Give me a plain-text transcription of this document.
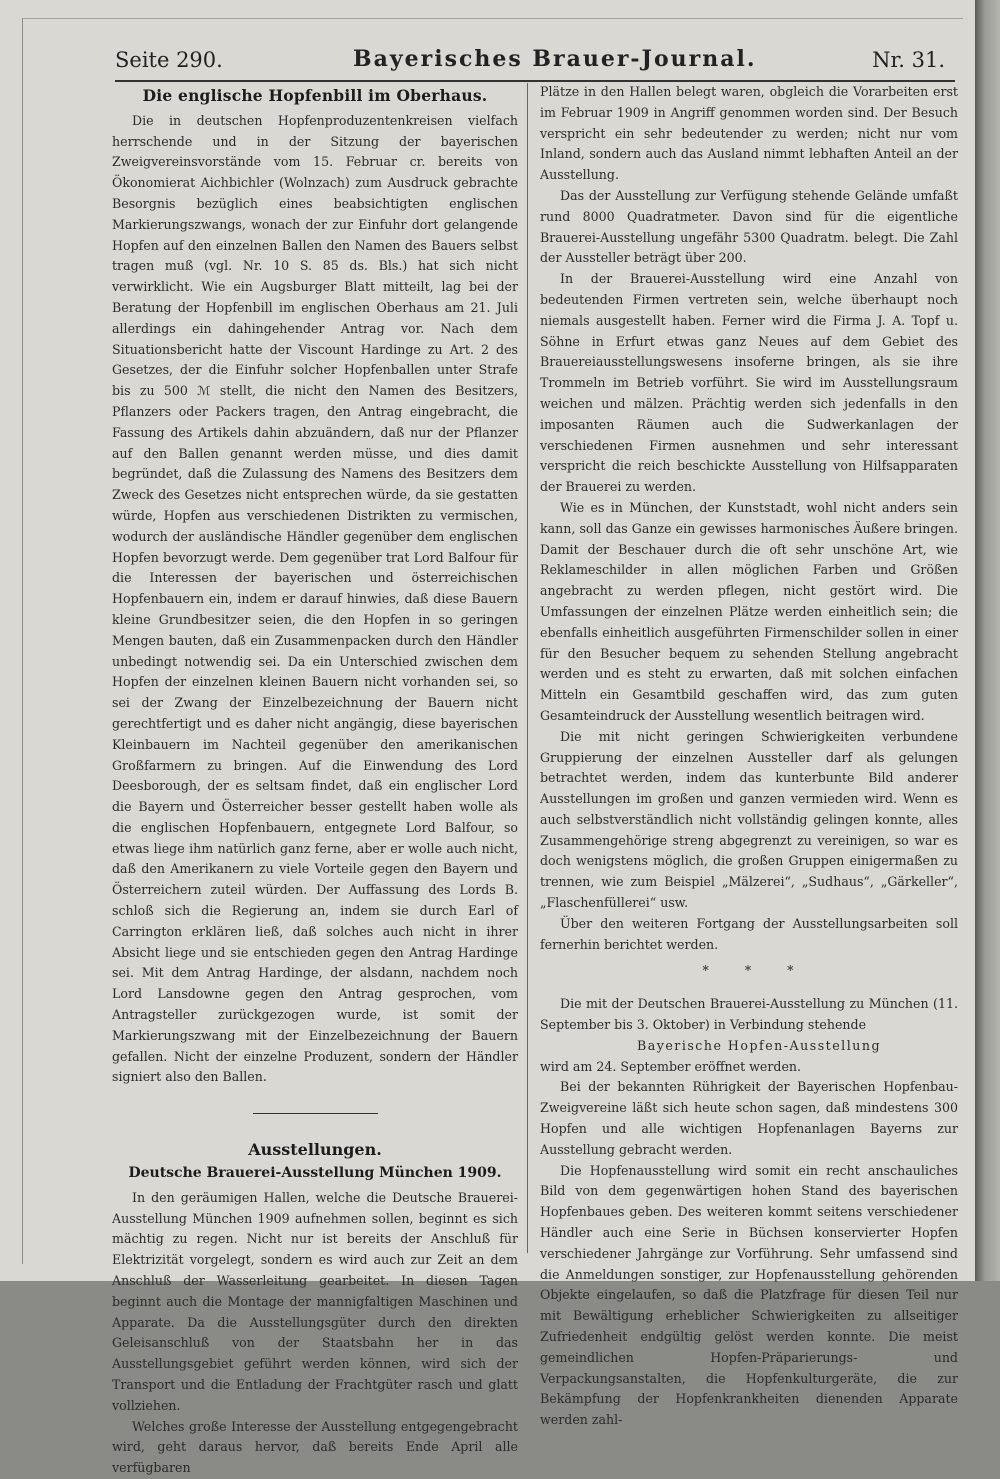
Seite 290.	Bayerisches Brauer-Journal.	Nr. 31.
Die englische Hopfenbill im Oberhaus.

Die in deutschen Hopfenproduzentenkreisen vielfach herrschende und in der Sitzung der bayerischen Zweigvereinsvorstände vom 15. Februar cr. bereits von Ökonomierat Aichbichler (Wolnzach) zum Ausdruck gebrachte Besorgnis bezüglich eines beabsichtigten englischen Markierungszwangs, wonach der zur Einfuhr dort gelangende Hopfen auf den einzelnen Ballen den Namen des Bauers selbst tragen muß (vgl. Nr. 10 S. 85 ds. Bls.) hat sich nicht verwirklicht. Wie ein Augsburger Blatt mitteilt, lag bei der Beratung der Hopfenbill im englischen Oberhaus am 21. Juli allerdings ein dahingehender Antrag vor. Nach dem Situationsbericht hatte der Viscount Hardinge zu Art. 2 des Gesetzes, der die Einfuhr solcher Hopfenballen unter Strafe bis zu 500 ℳ stellt, die nicht den Namen des Besitzers, Pflanzers oder Packers tragen, den Antrag eingebracht, die Fassung des Artikels dahin abzuändern, daß nur der Pflanzer auf den Ballen genannt werden müsse, und dies damit begründet, daß die Zulassung des Namens des Besitzers dem Zweck des Gesetzes nicht entsprechen würde, da sie gestatten würde, Hopfen aus verschiedenen Distrikten zu vermischen, wodurch der ausländische Händler gegenüber dem englischen Hopfen bevorzugt werde. Dem gegenüber trat Lord Balfour für die Interessen der bayerischen und österreichischen Hopfenbauern ein, indem er darauf hinwies, daß diese Bauern kleine Grundbesitzer seien, die den Hopfen in so geringen Mengen bauten, daß ein Zusammenpacken durch den Händler unbedingt notwendig sei. Da ein Unterschied zwischen dem Hopfen der einzelnen kleinen Bauern nicht vorhanden sei, so sei der Zwang der Einzelbezeichnung der Bauern nicht gerechtfertigt und es daher nicht angängig, diese bayerischen Kleinbauern im Nachteil gegenüber den amerikanischen Großfarmern zu bringen. Auf die Einwendung des Lord Deesborough, der es seltsam findet, daß ein englischer Lord die Bayern und Österreicher besser gestellt haben wolle als die englischen Hopfenbauern, entgegnete Lord Balfour, so etwas liege ihm natürlich ganz ferne, aber er wolle auch nicht, daß den Amerikanern zu viele Vorteile gegen den Bayern und Österreichern zuteil würden. Der Auffassung des Lords B. schloß sich die Regierung an, indem sie durch Earl of Carrington erklären ließ, daß solches auch nicht in ihrer Absicht liege und sie entschieden gegen den Antrag Hardinge sei. Mit dem Antrag Hardinge, der alsdann, nachdem noch Lord Lansdowne gegen den Antrag gesprochen, vom Antragsteller zurückgezogen wurde, ist somit der Markierungszwang mit der Einzelbezeichnung der Bauern gefallen. Nicht der einzelne Produzent, sondern der Händler signiert also den Ballen.

Ausstellungen.
Deutsche Brauerei-Ausstellung München 1909.

In den geräumigen Hallen, welche die Deutsche Brauerei-Ausstellung München 1909 aufnehmen sollen, beginnt es sich mächtig zu regen. Nicht nur ist bereits der Anschluß für Elektrizität vorgelegt, sondern es wird auch zur Zeit an dem Anschluß der Wasserleitung gearbeitet. In diesen Tagen beginnt auch die Montage der mannigfaltigen Maschinen und Apparate. Da die Ausstellungsgüter durch den direkten Geleisanschluß von der Staatsbahn her in das Ausstellungsgebiet geführt werden können, wird sich der Transport und die Entladung der Frachtgüter rasch und glatt vollziehen.

Welches große Interesse der Ausstellung entgegengebracht wird, geht daraus hervor, daß bereits Ende April alle verfügbaren

Plätze in den Hallen belegt waren, obgleich die Vorarbeiten erst im Februar 1909 in Angriff genommen worden sind. Der Besuch verspricht ein sehr bedeutender zu werden; nicht nur vom Inland, sondern auch das Ausland nimmt lebhaften Anteil an der Ausstellung.

Das der Ausstellung zur Verfügung stehende Gelände umfaßt rund 8000 Quadratmeter. Davon sind für die eigentliche Brauerei-Ausstellung ungefähr 5300 Quadratm. belegt. Die Zahl der Aussteller beträgt über 200.

In der Brauerei-Ausstellung wird eine Anzahl von bedeutenden Firmen vertreten sein, welche überhaupt noch niemals ausgestellt haben. Ferner wird die Firma J. A. Topf u. Söhne in Erfurt etwas ganz Neues auf dem Gebiet des Brauereiausstellungswesens insoferne bringen, als sie ihre Trommeln im Betrieb vorführt. Sie wird im Ausstellungsraum weichen und mälzen. Prächtig werden sich jedenfalls in den imposanten Räumen auch die Sudwerkanlagen der verschiedenen Firmen ausnehmen und sehr interessant verspricht die reich beschickte Ausstellung von Hilfsapparaten der Brauerei zu werden.

Wie es in München, der Kunststadt, wohl nicht anders sein kann, soll das Ganze ein gewisses harmonisches Äußere bringen. Damit der Beschauer durch die oft sehr unschöne Art, wie Reklameschilder in allen möglichen Farben und Größen angebracht zu werden pflegen, nicht gestört wird. Die Umfassungen der einzelnen Plätze werden einheitlich sein; die ebenfalls einheitlich ausgeführten Firmenschilder sollen in einer für den Besucher bequem zu sehenden Stellung angebracht werden und es steht zu erwarten, daß mit solchen einfachen Mitteln ein Gesamtbild geschaffen wird, das zum guten Gesamteindruck der Ausstellung wesentlich beitragen wird.

Die mit nicht geringen Schwierigkeiten verbundene Gruppierung der einzelnen Aussteller darf als gelungen betrachtet werden, indem das kunterbunte Bild anderer Ausstellungen im großen und ganzen vermieden wird. Wenn es auch selbstverständlich nicht vollständig gelingen konnte, alles Zusammengehörige streng abgegrenzt zu vereinigen, so war es doch wenigstens möglich, die großen Gruppen einigermaßen zu trennen, wie zum Beispiel „Mälzerei“, „Sudhaus“, „Gärkeller“, „Flaschenfüllerei“ usw.

Über den weiteren Fortgang der Ausstellungsarbeiten soll fernerhin berichtet werden.

* * *

Die mit der Deutschen Brauerei-Ausstellung zu München (11. September bis 3. Oktober) in Verbindung stehende

Bayerische Hopfen-Ausstellung

wird am 24. September eröffnet werden.

Bei der bekannten Rührigkeit der Bayerischen Hopfenbau-Zweigvereine läßt sich heute schon sagen, daß mindestens 300 Hopfen und alle wichtigen Hopfenanlagen Bayerns zur Ausstellung gebracht werden.

Die Hopfenausstellung wird somit ein recht anschauliches Bild von dem gegenwärtigen hohen Stand des bayerischen Hopfenbaues geben. Des weiteren kommt seitens verschiedener Händler auch eine Serie in Büchsen konservierter Hopfen verschiedener Jahrgänge zur Vorführung. Sehr umfassend sind die Anmeldungen sonstiger, zur Hopfenausstellung gehörenden Objekte eingelaufen, so daß die Platzfrage für diesen Teil nur mit Bewältigung erheblicher Schwierigkeiten zu allseitiger Zufriedenheit endgültig gelöst werden konnte. Die meist gemeindlichen Hopfen-Präparierungs- und Verpackungsanstalten, die Hopfenkulturgeräte, die zur Bekämpfung der Hopfenkrankheiten dienenden Apparate werden zahl-
